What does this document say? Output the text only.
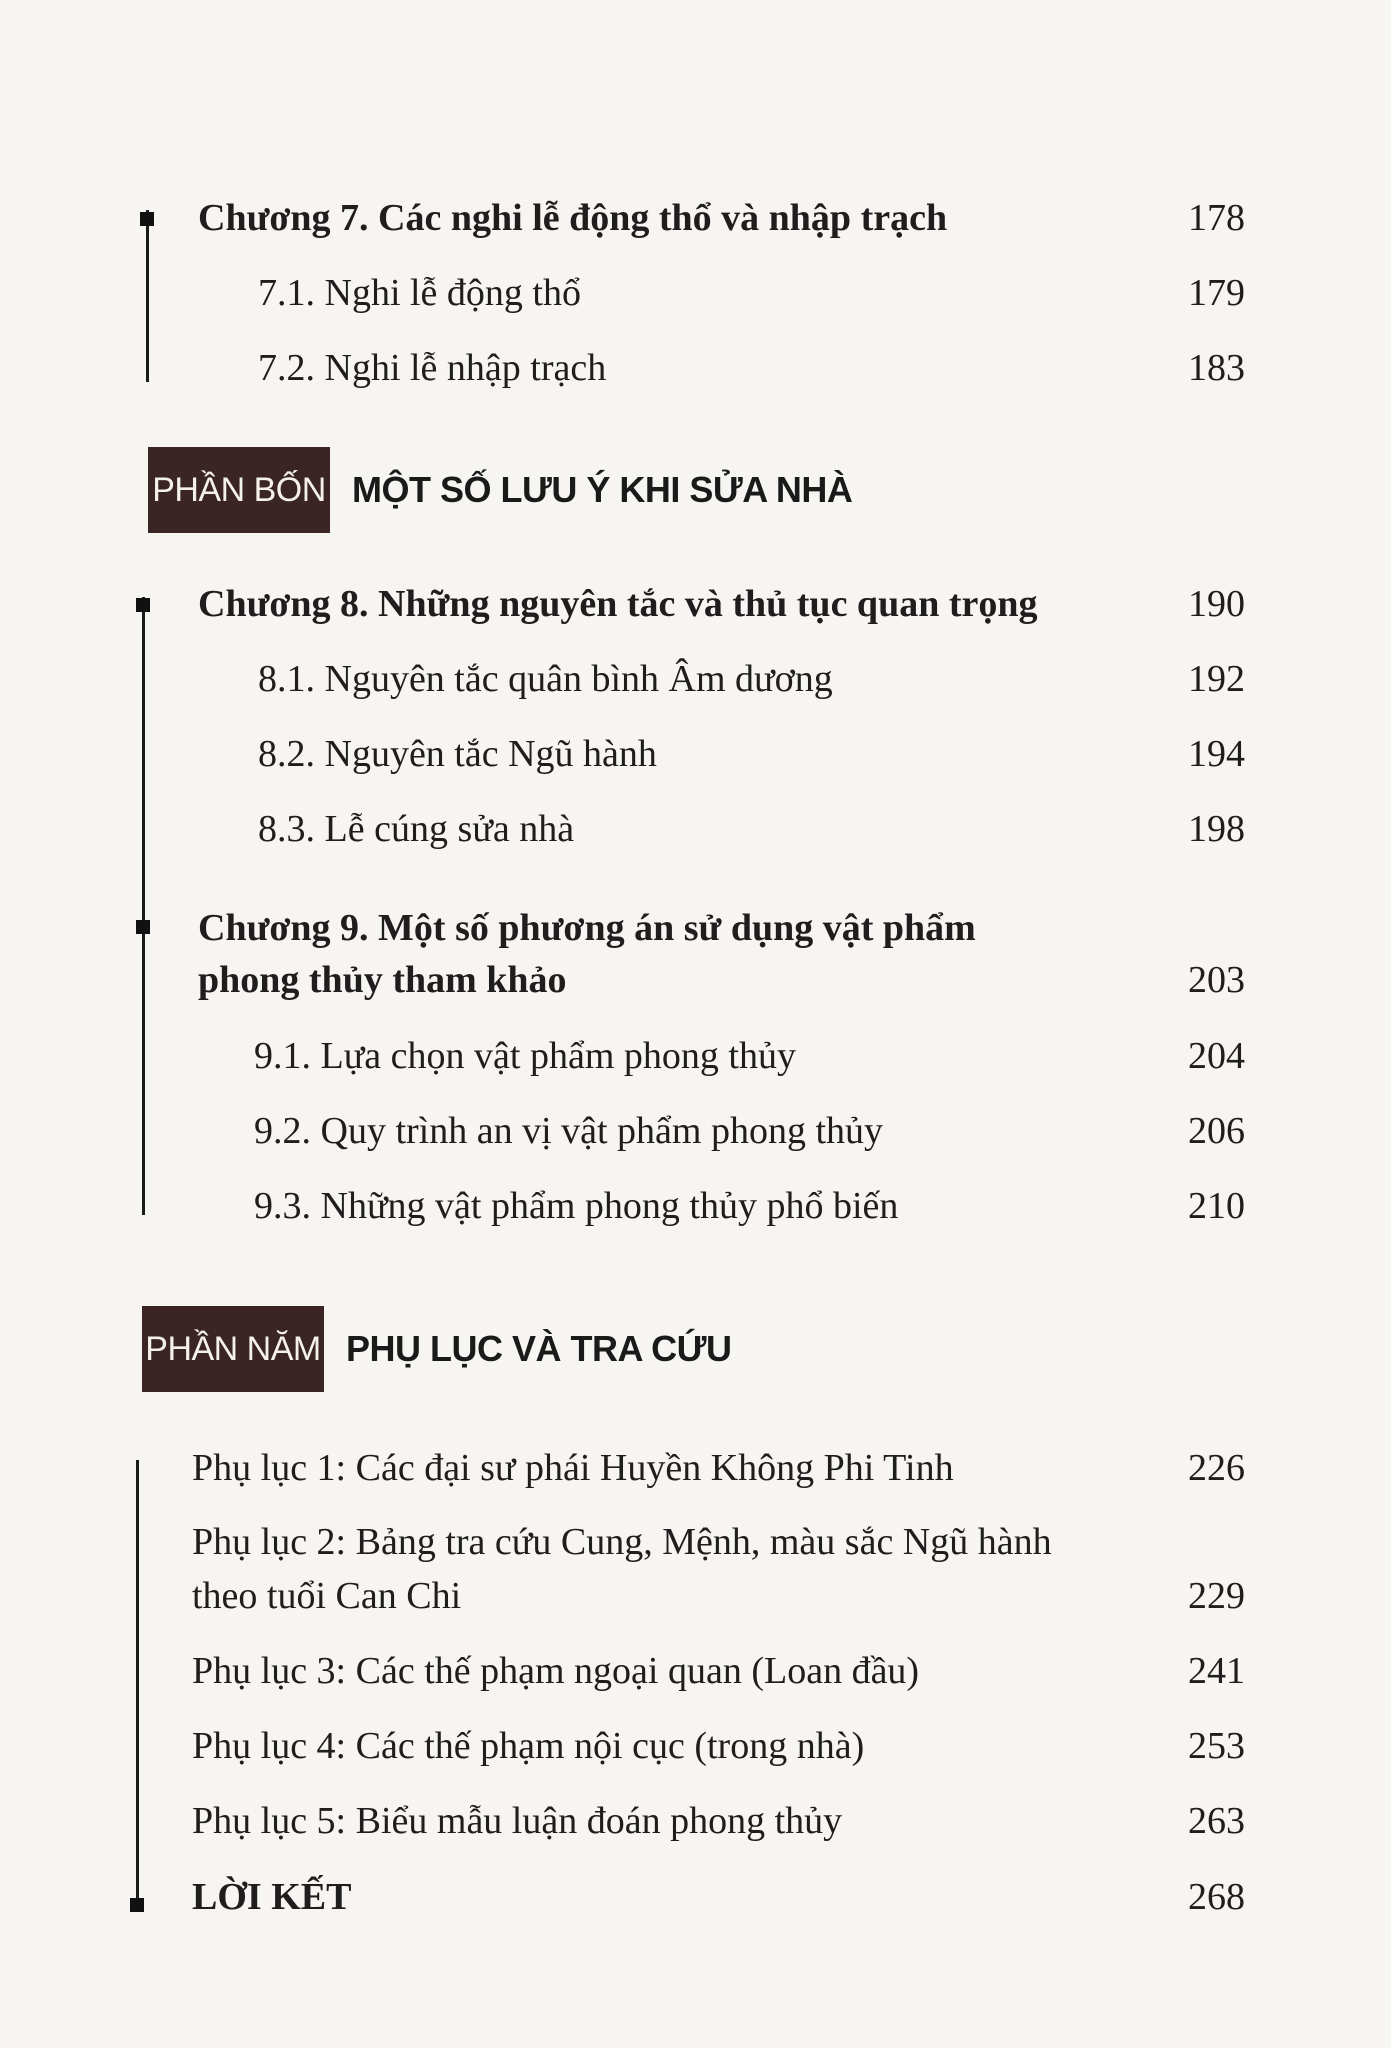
Chương 7. Các nghi lễ động thổ và nhập trạch	178
7.1. Nghi lễ động thổ	179
7.2. Nghi lễ nhập trạch	183
PHẦN BỐN MỘT SỐ LƯU Ý KHI SỬA NHÀ
Chương 8. Những nguyên tắc và thủ tục quan trọng	190
8.1. Nguyên tắc quân bình Âm dương	192
8.2. Nguyên tắc Ngũ hành	194
8.3. Lễ cúng sửa nhà	198
Chương 9. Một số phương án sử dụng vật phẩm
phong thủy tham khảo	203
9.1. Lựa chọn vật phẩm phong thủy	204
9.2. Quy trình an vị vật phẩm phong thủy	206
9.3. Những vật phẩm phong thủy phổ biến	210
PHẦN NĂM PHỤ LỤC VÀ TRA CỨU
Phụ lục 1: Các đại sư phái Huyền Không Phi Tinh	226
Phụ lục 2: Bảng tra cứu Cung, Mệnh, màu sắc Ngũ hành
theo tuổi Can Chi	229
Phụ lục 3: Các thế phạm ngoại quan (Loan đầu)	241
Phụ lục 4: Các thế phạm nội cục (trong nhà)	253
Phụ lục 5: Biểu mẫu luận đoán phong thủy	263
LỜI KẾT	268
